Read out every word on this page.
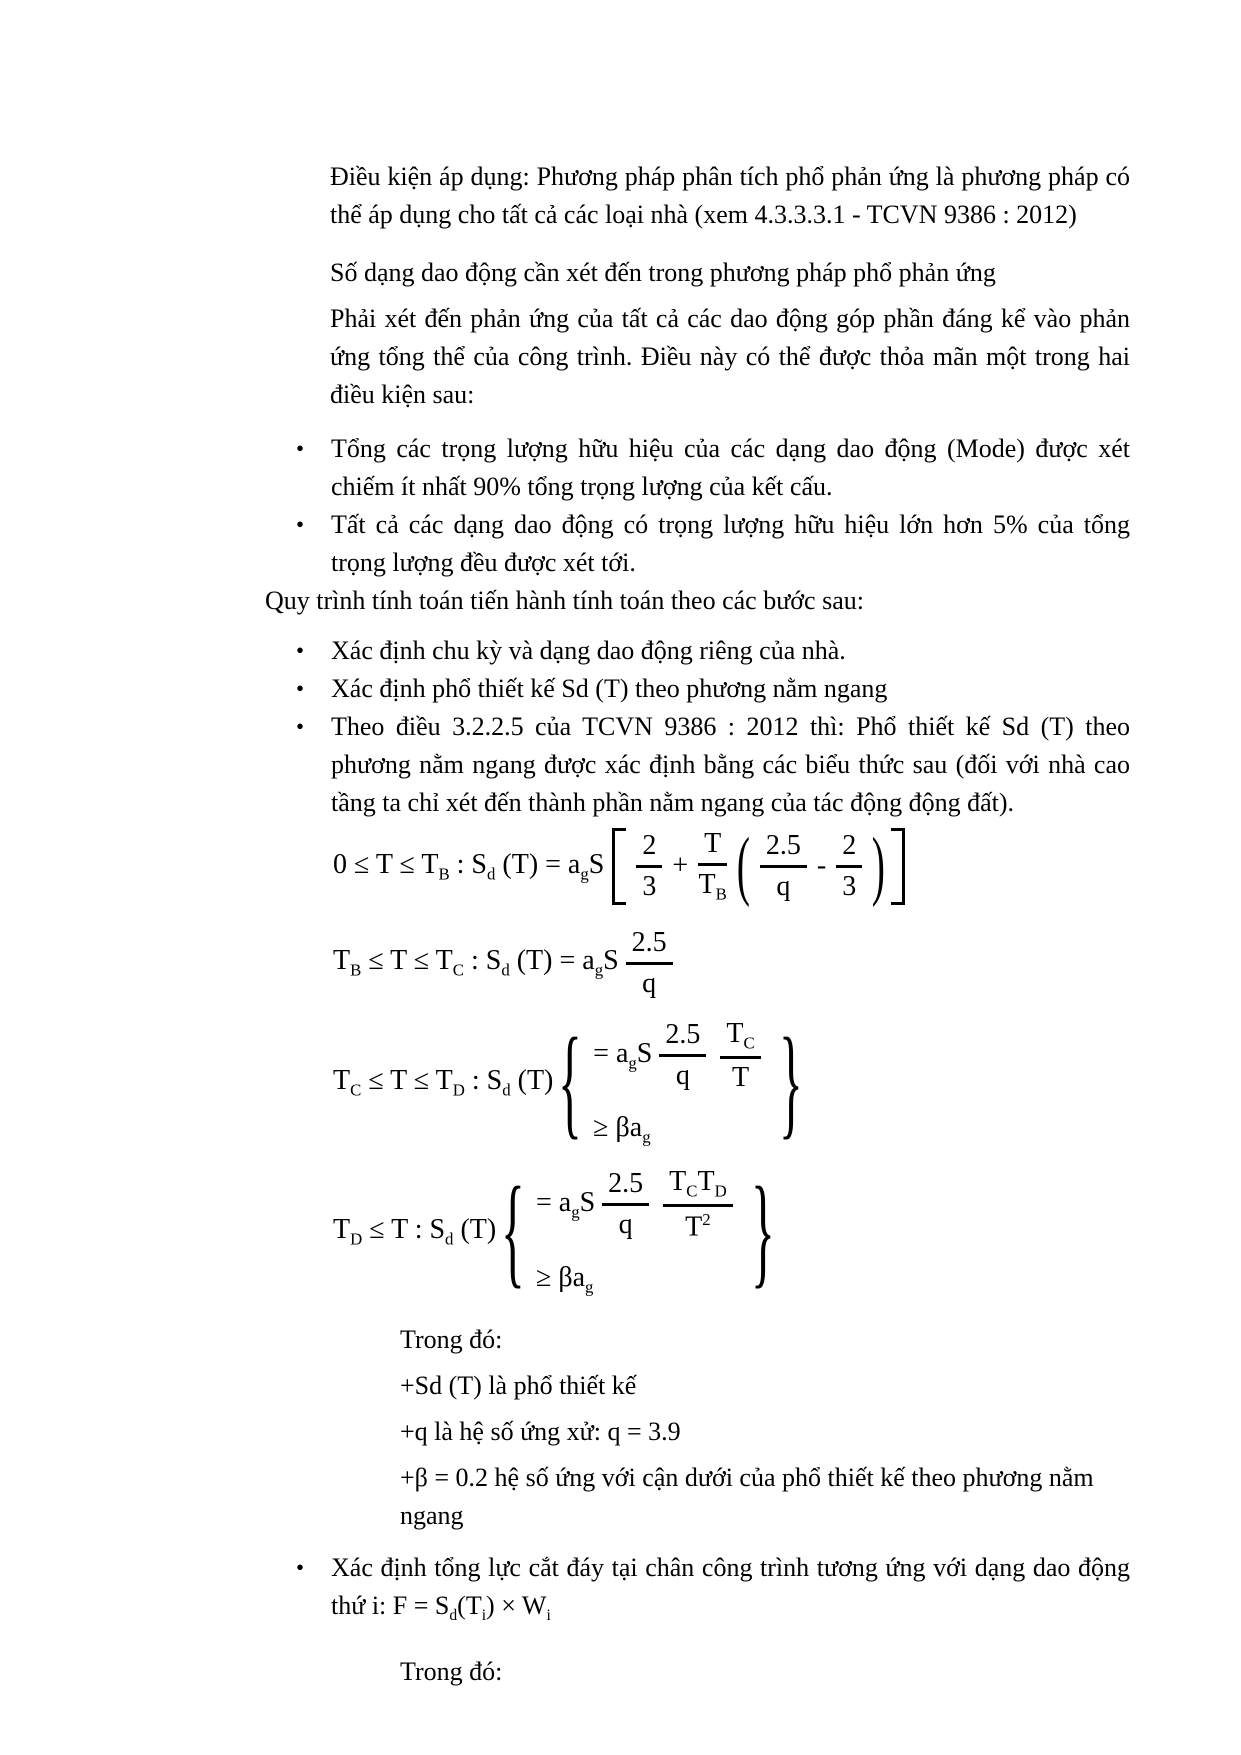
Điều kiện áp dụng: Phương pháp phân tích phổ phản ứng là phương pháp có thể áp dụng cho tất cả các loại nhà (xem 4.3.3.3.1 - TCVN 9386 : 2012)

Số dạng dao động cần xét đến trong phương pháp phổ phản ứng

Phải xét đến phản ứng của tất cả các dao động góp phần đáng kể vào phản ứng tổng thể của công trình. Điều này có thể được thỏa mãn một trong hai điều kiện sau:

•	Tổng các trọng lượng hữu hiệu của các dạng dao động (Mode) được xét chiếm ít nhất 90% tổng trọng lượng của kết cấu.
•	Tất cả các dạng dao động có trọng lượng hữu hiệu lớn hơn 5% của tổng trọng lượng đều được xét tới.

Quy trình tính toán tiến hành tính toán theo các bước sau:

•	Xác định chu kỳ và dạng dao động riêng của nhà.
•	Xác định phổ thiết kế Sd (T) theo phương nằm ngang
•	Theo điều 3.2.2.5 của TCVN 9386 : 2012 thì: Phổ thiết kế Sd (T) theo phương nằm ngang được xác định bằng các biểu thức sau (đối với nhà cao tầng ta chỉ xét đến thành phần nằm ngang của tác động động đất).
$0 \le T \le T_B$ : $S_d$ $(T) = a_gS \frac{2}{3} + \frac{T}{T_B}$ ( $\frac{2.5}{q} - \frac{2}{3}$ )
$T_B \le T \le T_C$ : $S_d$ $(T) = a_gS \frac{2.5}{q}$
$T_C \le T \le T_D$ : $S_d$ (T) { = $a_gS \frac{2.5}{q} \frac{T_C}{T}$
≥ $\beta a_g$ }
$T_D \le T$ : $S_d$ (T) { = $a_gS \frac{2.5}{q} \frac{T_CT_D}{T^2}$
≥ $\beta a_g$	}

Trong đó:

+Sd (T) là phổ thiết kế

+q là hệ số ứng xử: q = 3.9

+β = 0.2 hệ số ứng với cận dưới của phổ thiết kế theo phương nằm ngang

•	Xác định tổng lực cắt đáy tại chân công trình tương ứng với dạng dao động thứ i: $F = S_d(T_i) \times W_i$

Trong đó:
